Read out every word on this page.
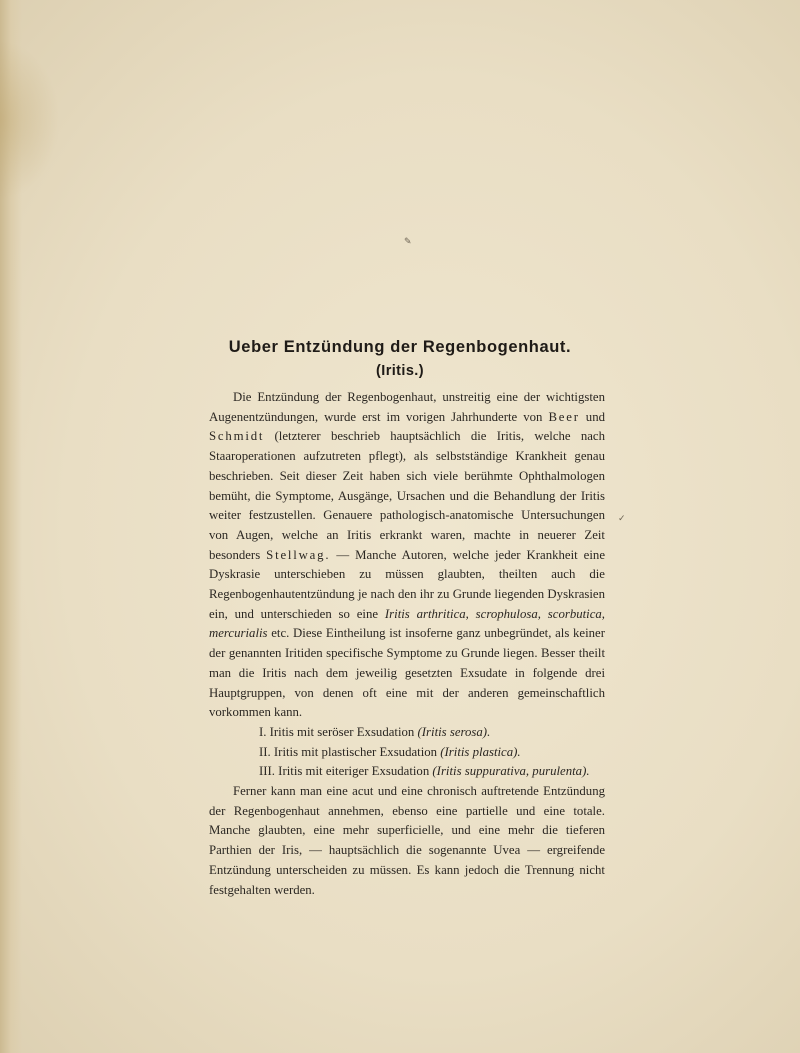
✎
✓
Ueber Entzündung der Regenbogenhaut.
(Iritis.)

Die Entzündung der Regenbogenhaut, unstreitig eine der wichtigsten Augenentzündungen, wurde erst im vorigen Jahrhunderte von Beer und Schmidt (letzterer beschrieb hauptsächlich die Iritis, welche nach Staaroperationen aufzutreten pflegt), als selbstständige Krankheit genau beschrieben. Seit dieser Zeit haben sich viele berühmte Ophthalmologen bemüht, die Symptome, Ausgänge, Ursachen und die Behandlung der Iritis weiter festzustellen. Genauere pathologisch-anatomische Untersuchungen von Augen, welche an Iritis erkrankt waren, machte in neuerer Zeit besonders Stellwag. — Manche Autoren, welche jeder Krankheit eine Dyskrasie unterschieben zu müssen glaubten, theilten auch die Regenbogenhautentzündung je nach den ihr zu Grunde liegenden Dyskrasien ein, und unterschieden so eine Iritis arthritica, scrophulosa, scorbutica, mercurialis etc. Diese Eintheilung ist insoferne ganz unbegründet, als keiner der genannten Iritiden specifische Symptome zu Grunde liegen. Besser theilt man die Iritis nach dem jeweilig gesetzten Exsudate in folgende drei Hauptgruppen, von denen oft eine mit der anderen gemeinschaftlich vorkommen kann.

I. Iritis mit seröser Exsudation (Iritis serosa).
II. Iritis mit plastischer Exsudation (Iritis plastica).
III. Iritis mit eiteriger Exsudation (Iritis suppurativa, purulenta).

Ferner kann man eine acut und eine chronisch auftretende Entzündung der Regenbogenhaut annehmen, ebenso eine partielle und eine totale. Manche glaubten, eine mehr superficielle, und eine mehr die tieferen Parthien der Iris, — hauptsächlich die sogenannte Uvea — ergreifende Entzündung unterscheiden zu müssen. Es kann jedoch die Trennung nicht festgehalten werden.
